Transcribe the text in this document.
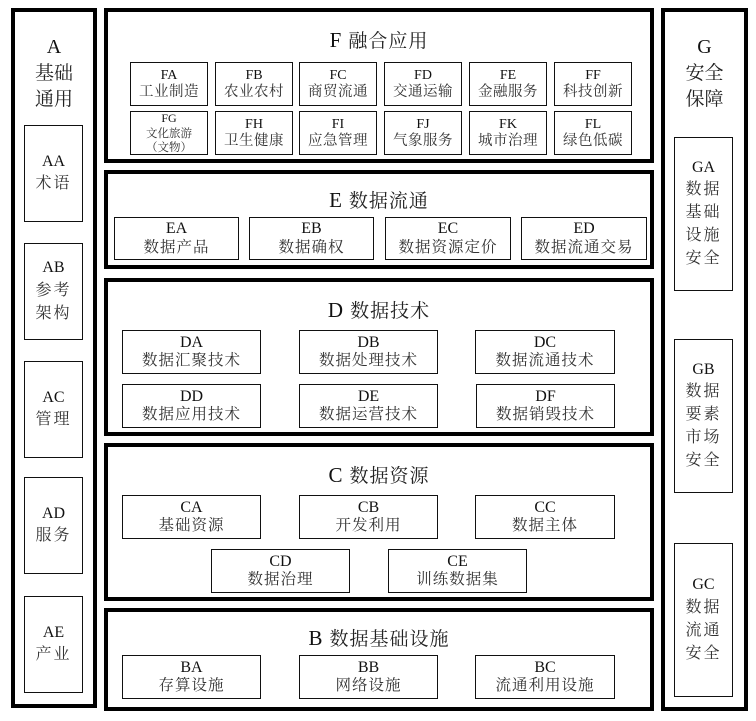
A
基础
通用
AA
术语
AB
参考
架构
AC
管理
AD
服务
AE
产业
G
安全
保障
GA
数据
基础
设施
安全
GB
数据
要素
市场
安全
GC
数据
流通
安全
F 融合应用
FA
工业制造
FB
农业农村
FC
商贸流通
FD
交通运输
FE
金融服务
FF
科技创新
FG
文化旅游
（文物）
FH
卫生健康
FI
应急管理
FJ
气象服务
FK
城市治理
FL
绿色低碳
E 数据流通
EA
数据产品
EB
数据确权
EC
数据资源定价
ED
数据流通交易
D 数据技术
DA
数据汇聚技术
DB
数据处理技术
DC
数据流通技术
DD
数据应用技术
DE
数据运营技术
DF
数据销毁技术
C 数据资源
CA
基础资源
CB
开发利用
CC
数据主体
CD
数据治理
CE
训练数据集
B 数据基础设施
BA
存算设施
BB
网络设施
BC
流通利用设施
